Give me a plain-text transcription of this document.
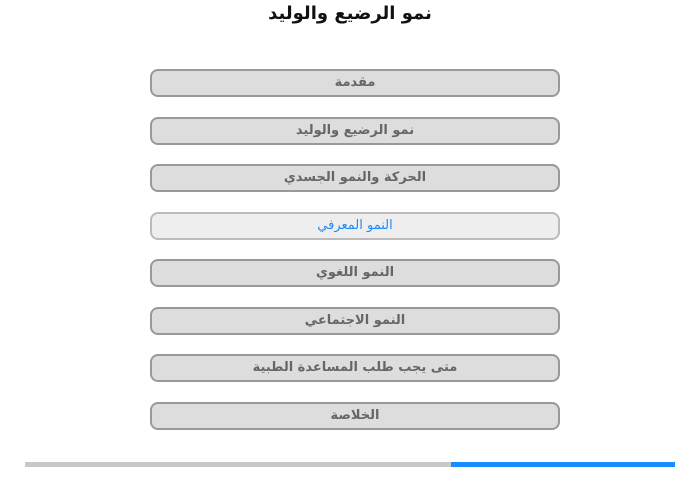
نمو الرضيع والوليد
مقدمة
نمو الرضيع والوليد
الحركة والنمو الجسدي
النمو المعرفي
النمو اللغوي
النمو الاجتماعي
متى يجب طلب المساعدة الطبية
الخلاصة
